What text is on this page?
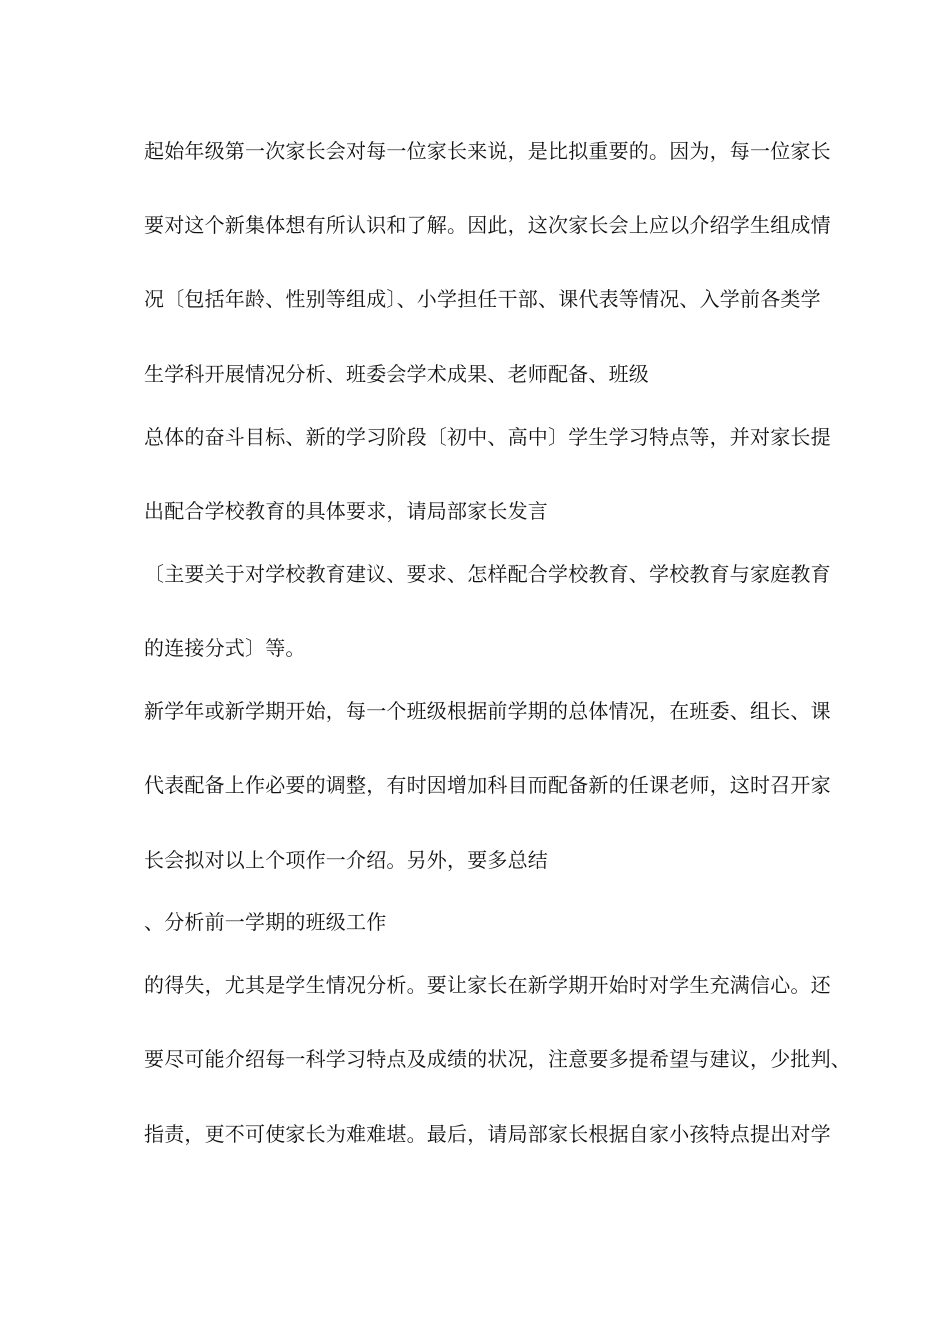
起始年级第一次家长会对每一位家长来说，是比拟重要的。因为，每一位家长

要对这个新集体想有所认识和了解。因此，这次家长会上应以介绍学生组成情

况〔包括年龄、性别等组成〕、小学担任干部、课代表等情况、入学前各类学

生学科开展情况分析、班委会学术成果、老师配备、班级

总体的奋斗目标、新的学习阶段〔初中、高中〕学生学习特点等，并对家长提

出配合学校教育的具体要求，请局部家长发言

〔主要关于对学校教育建议、要求、怎样配合学校教育、学校教育与家庭教育

的连接分式〕等。

新学年或新学期开始，每一个班级根据前学期的总体情况，在班委、组长、课

代表配备上作必要的调整，有时因增加科目而配备新的任课老师，这时召开家

长会拟对以上个项作一介绍。另外，要多总结

、分析前一学期的班级工作

的得失，尤其是学生情况分析。要让家长在新学期开始时对学生充满信心。还

要尽可能介绍每一科学习特点及成绩的状况，注意要多提希望与建议，少批判、

指责，更不可使家长为难难堪。最后，请局部家长根据自家小孩特点提出对学
